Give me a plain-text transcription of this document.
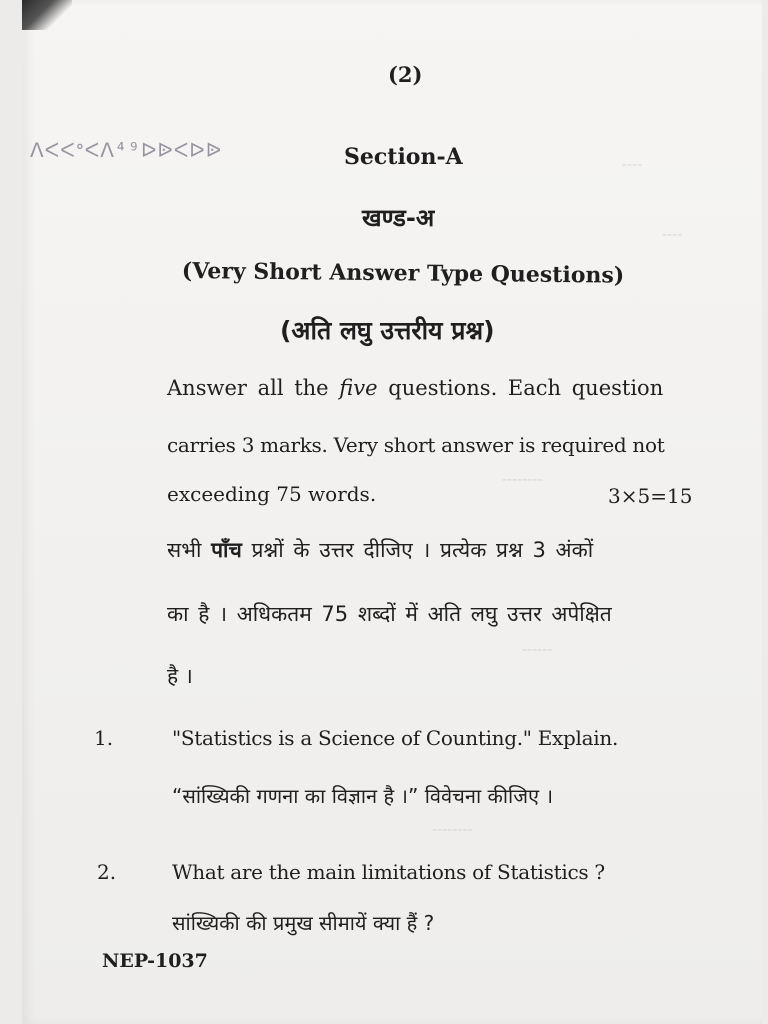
‑‑‑‑
‑‑‑‑
‑‑‑‑‑‑‑‑
‑‑‑‑‑‑
‑‑‑‑‑‑‑‑
ᐱᐸᐸᐤᐸᐱ⁴⁹ᐅᐉᐸᐅᐉ
(2)
Section-A
खण्ड-अ
(Very Short Answer Type Questions)
(अति लघु उत्तरीय प्रश्न)
Answer all the five questions. Each question
carries 3 marks. Very short answer is required not
exceeding 75 words.	3×5=15
सभी पाँच प्रश्नों के उत्तर दीजिए । प्रत्येक प्रश्न 3 अंकों
का है । अधिकतम 75 शब्दों में अति लघु उत्तर अपेक्षित
है ।
1.	"Statistics is a Science of Counting." Explain.
“सांख्यिकी गणना का विज्ञान है ।” विवेचना कीजिए ।
2.	What are the main limitations of Statistics ?
सांख्यिकी की प्रमुख सीमायें क्या हैं ?
NEP-1037
